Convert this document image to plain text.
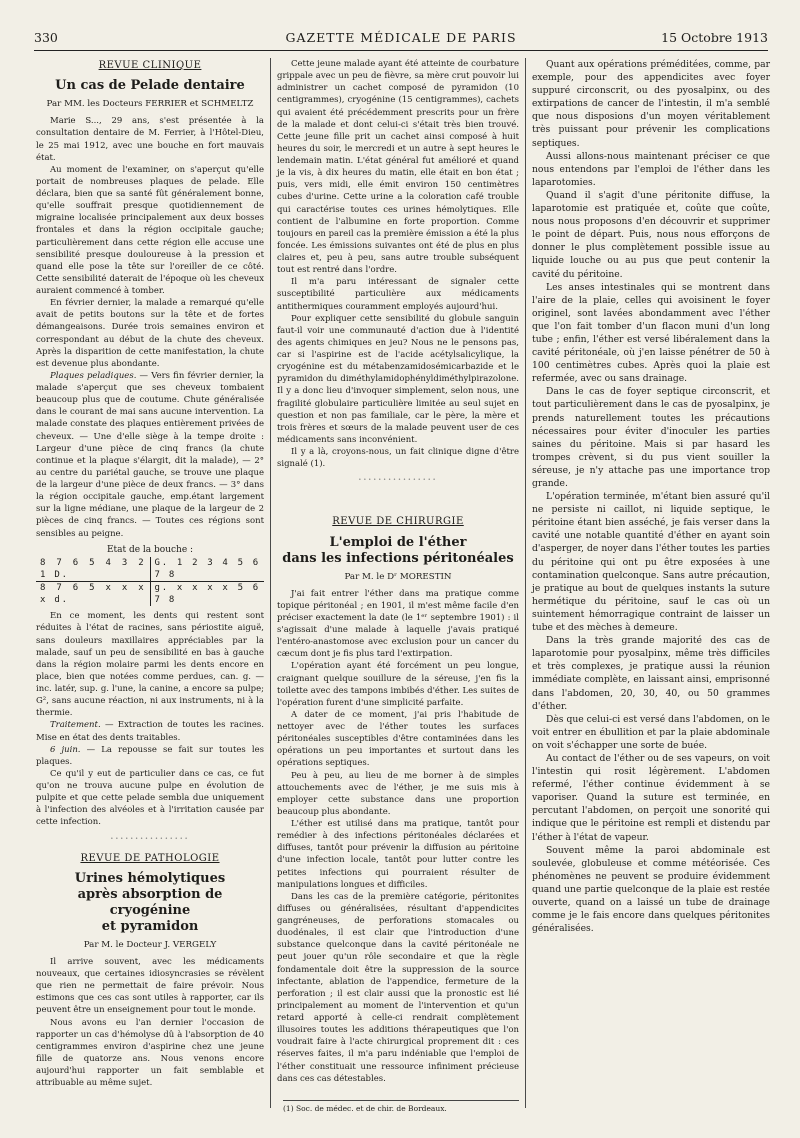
330	GAZETTE MÉDICALE DE PARIS	15 Octobre 1913
REVUE CLINIQUE
Un cas de Pelade dentaire
Par MM. les Docteurs FERRIER et SCHMELTZ

Marie S..., 29 ans, s'est présentée à la consultation dentaire de M. Ferrier, à l'Hôtel-Dieu, le 25 mai 1912, avec une bouche en fort mauvais état.

Au moment de l'examiner, on s'aperçut qu'elle portait de nombreuses plaques de pelade. Elle déclara, bien que sa santé fût généralement bonne, qu'elle souffrait presque quotidiennement de migraine localisée principalement aux deux bosses frontales et dans la région occipitale gauche; particulièrement dans cette région elle accuse une sensibilité presque douloureuse à la pression et quand elle pose la tête sur l'oreiller de ce côté. Cette sensibilité daterait de l'époque où les cheveux auraient commencé à tomber.

En février dernier, la malade a remarqué qu'elle avait de petits boutons sur la tête et de fortes démangeaisons. Durée trois semaines environ et correspondant au début de la chute des cheveux. Après la disparition de cette manifestation, la chute est devenue plus abondante.

Plaques peladiques. — Vers fin février dernier, la malade s'aperçut que ses cheveux tombaient beaucoup plus que de coutume. Chute généralisée dans le courant de mai sans aucune intervention. La malade constate des plaques entièrement privées de cheveux. — Une d'elle siège à la tempe droite : Largeur d'une pièce de cinq francs (la chute continue et la plaque s'élargit, dit la malade), — 2° au centre du pariétal gauche, se trouve une plaque de la largeur d'une pièce de deux francs. — 3° dans la région occipitale gauche, emp.étant largement sur la ligne médiane, une plaque de la largeur de 2 pièces de cinq francs. — Toutes ces régions sont sensibles au peigne.

Etat de la bouche :
8 7 6 5 4 3 2 1 D.	G. 1 2 3 4 5 6 7 8
8 7 6 5 x x x x d.	g. x x x x 5 6 7 8

En ce moment, les dents qui restent sont réduites à l'état de racines, sans périostite aiguë, sans douleurs maxillaires appréciables par la malade, sauf un peu de sensibilité en bas à gauche dans la région molaire parmi les dents encore en place, bien que notées comme perdues, can. g. — inc. latér, sup. g. l'une, la canine, a encore sa pulpe; G², sans aucune réaction, ni aux instruments, ni à la thermie.

Traitement. — Extraction de toutes les racines. Mise en état des dents traitables.

6 juin. — La repousse se fait sur toutes les plaques.

Ce qu'il y eut de particulier dans ce cas, ce fut qu'on ne trouva aucune pulpe en évolution de pulpite et que cette pelade sembla due uniquement à l'infection des alvéoles et à l'irritation causée par cette infection.

••••••••••••••••
REVUE DE PATHOLOGIE
Urines hémolytiques
après absorption de cryogénine
et pyramidon
Par M. le Docteur J. VERGELY

Il arrive souvent, avec les médicaments nouveaux, que certaines idiosyncrasies se révèlent que rien ne permettait de faire prévoir. Nous estimons que ces cas sont utiles à rapporter, car ils peuvent être un enseignement pour tout le monde.

Nous avons eu l'an dernier l'occasion de rapporter un cas d'hémolyse dû à l'absorption de 40 centigrammes environ d'aspirine chez une jeune fille de quatorze ans. Nous venons encore aujourd'hui rapporter un fait semblable et attribuable au même sujet.

Cette jeune malade ayant été atteinte de courbature grippale avec un peu de fièvre, sa mère crut pouvoir lui administrer un cachet composé de pyramidon (10 centigrammes), cryogénine (15 centigrammes), cachets qui avaient été précédemment prescrits pour un frère de la malade et dont celui-ci s'était très bien trouvé. Cette jeune fille prit un cachet ainsi composé à huit heures du soir, le mercredi et un autre à sept heures le lendemain matin. L'état général fut amélioré et quand je la vis, à dix heures du matin, elle était en bon état ; puis, vers midi, elle émit environ 150 centimètres cubes d'urine. Cette urine a la coloration café trouble qui caractérise toutes ces urines hémolytiques. Elle contient de l'albumine en forte proportion. Comme toujours en pareil cas la première émission a été la plus foncée. Les émissions suivantes ont été de plus en plus claires et, peu à peu, sans autre trouble subséquent tout est rentré dans l'ordre.

Il m'a paru intéressant de signaler cette susceptibilité particulière aux médicaments antithermiques couramment employés aujourd'hui.

Pour expliquer cette sensibilité du globule sanguin faut-il voir une communauté d'action due à l'identité des agents chimiques en jeu? Nous ne le pensons pas, car si l'aspirine est de l'acide acétylsalicylique, la cryogénine est du métabenzamidosémicarbazide et le pyramidon du diméthylamidophényldiméthylpirazolone. Il y a donc lieu d'invoquer simplement, selon nous, une fragilité globulaire particulière limitée au seul sujet en question et non pas familiale, car le père, la mère et trois frères et sœurs de la malade peuvent user de ces médicaments sans inconvénient.

Il y a là, croyons-nous, un fait clinique digne d'être signalé (1).

••••••••••••••••
REVUE DE CHIRURGIE
L'emploi de l'éther
dans les infections péritonéales
Par M. le Dʳ MORESTIN

J'ai fait entrer l'éther dans ma pratique comme topique péritonéal ; en 1901, il m'est même facile d'en préciser exactement la date (le 1ᵉʳ septembre 1901) : il s'agissait d'une malade à laquelle j'avais pratiqué l'entéro-anastomose avec exclusion pour un cancer du cæcum dont je fis plus tard l'extirpation.

L'opération ayant été forcément un peu longue, craignant quelque souillure de la séreuse, j'en fis la toilette avec des tampons imbibés d'éther. Les suites de l'opération furent d'une simplicité parfaite.

A dater de ce moment, j'ai pris l'habitude de nettoyer avec de l'éther toutes les surfaces péritonéales susceptibles d'être contaminées dans les opérations un peu importantes et surtout dans les opérations septiques.

Peu à peu, au lieu de me borner à de simples attouchements avec de l'éther, je me suis mis à employer cette substance dans une proportion beaucoup plus abondante.

L'éther est utilisé dans ma pratique, tantôt pour remédier à des infections péritonéales déclarées et diffuses, tantôt pour prévenir la diffusion au péritoine d'une infection locale, tantôt pour lutter contre les petites infections qui pourraient résulter de manipulations longues et difficiles.

Dans les cas de la première catégorie, péritonites diffuses ou généralisées, résultant d'appendicites gangréneuses, de perforations stomacales ou duodénales, il est clair que l'introduction d'une substance quelconque dans la cavité péritonéale ne peut jouer qu'un rôle secondaire et que la règle fondamentale doit être la suppression de la source infectante, ablation de l'appendice, fermeture de la perforation ; il est clair aussi que la pronostic est lié principalement au moment de l'intervention et qu'un retard apporté à celle-ci rendrait complètement illusoires toutes les additions thérapeutiques que l'on voudrait faire à l'acte chirurgical proprement dit : ces réserves faites, il m'a paru indéniable que l'emploi de l'éther constituait une ressource infiniment précieuse dans ces cas détestables.

Quant aux opérations préméditées, comme, par exemple, pour des appendicites avec foyer suppuré circonscrit, ou des pyosalpinx, ou des extirpations de cancer de l'intestin, il m'a semblé que nous disposions d'un moyen véritablement très puissant pour prévenir les complications septiques.

Aussi allons-nous maintenant préciser ce que nous entendons par l'emploi de l'éther dans les laparotomies.

Quand il s'agit d'une péritonite diffuse, la laparotomie est pratiquée et, coûte que coûte, nous nous proposons d'en découvrir et supprimer le point de départ. Puis, nous nous efforçons de donner le plus complètement possible issue au liquide louche ou au pus que peut contenir la cavité du péritoine.

Les anses intestinales qui se montrent dans l'aire de la plaie, celles qui avoisinent le foyer originel, sont lavées abondamment avec l'éther que l'on fait tomber d'un flacon muni d'un long tube ; enfin, l'éther est versé libéralement dans la cavité péritonéale, où j'en laisse pénétrer de 50 à 100 centimètres cubes. Après quoi la plaie est refermée, avec ou sans drainage.

Dans le cas de foyer septique circonscrit, et tout particulièrement dans le cas de pyosalpinx, je prends naturellement toutes les précautions nécessaires pour éviter d'inoculer les parties saines du péritoine. Mais si par hasard les trompes crèvent, si du pus vient souiller la séreuse, je n'y attache pas une importance trop grande.

L'opération terminée, m'étant bien assuré qu'il ne persiste ni caillot, ni liquide septique, le péritoine étant bien asséché, je fais verser dans la cavité une notable quantité d'éther en ayant soin d'asperger, de noyer dans l'éther toutes les parties du péritoine qui ont pu être exposées à une contamination quelconque. Sans autre précaution, je pratique au bout de quelques instants la suture hermétique du péritoine, sauf le cas où un suintement hémorragique contraint de laisser un tube et des mèches à demeure.

Dans la très grande majorité des cas de laparotomie pour pyosalpinx, même très difficiles et très complexes, je pratique aussi la réunion immédiate complète, en laissant ainsi, emprisonné dans l'abdomen, 20, 30, 40, ou 50 grammes d'éther.

Dès que celui-ci est versé dans l'abdomen, on le voit entrer en ébullition et par la plaie abdominale on voit s'échapper une sorte de buée.

Au contact de l'éther ou de ses vapeurs, on voit l'intestin qui rosit légèrement. L'abdomen refermé, l'éther continue évidemment à se vaporiser. Quand la suture est terminée, en percutant l'abdomen, on perçoit une sonorité qui indique que le péritoine est rempli et distendu par l'éther à l'état de vapeur.

Souvent même la paroi abdominale est soulevée, globuleuse et comme météorisée. Ces phénomènes ne peuvent se produire évidemment quand une partie quelconque de la plaie est restée ouverte, quand on a laissé un tube de drainage comme je le fais encore dans quelques péritonites généralisées.

(1) Soc. de médec. et de chir. de Bordeaux.
